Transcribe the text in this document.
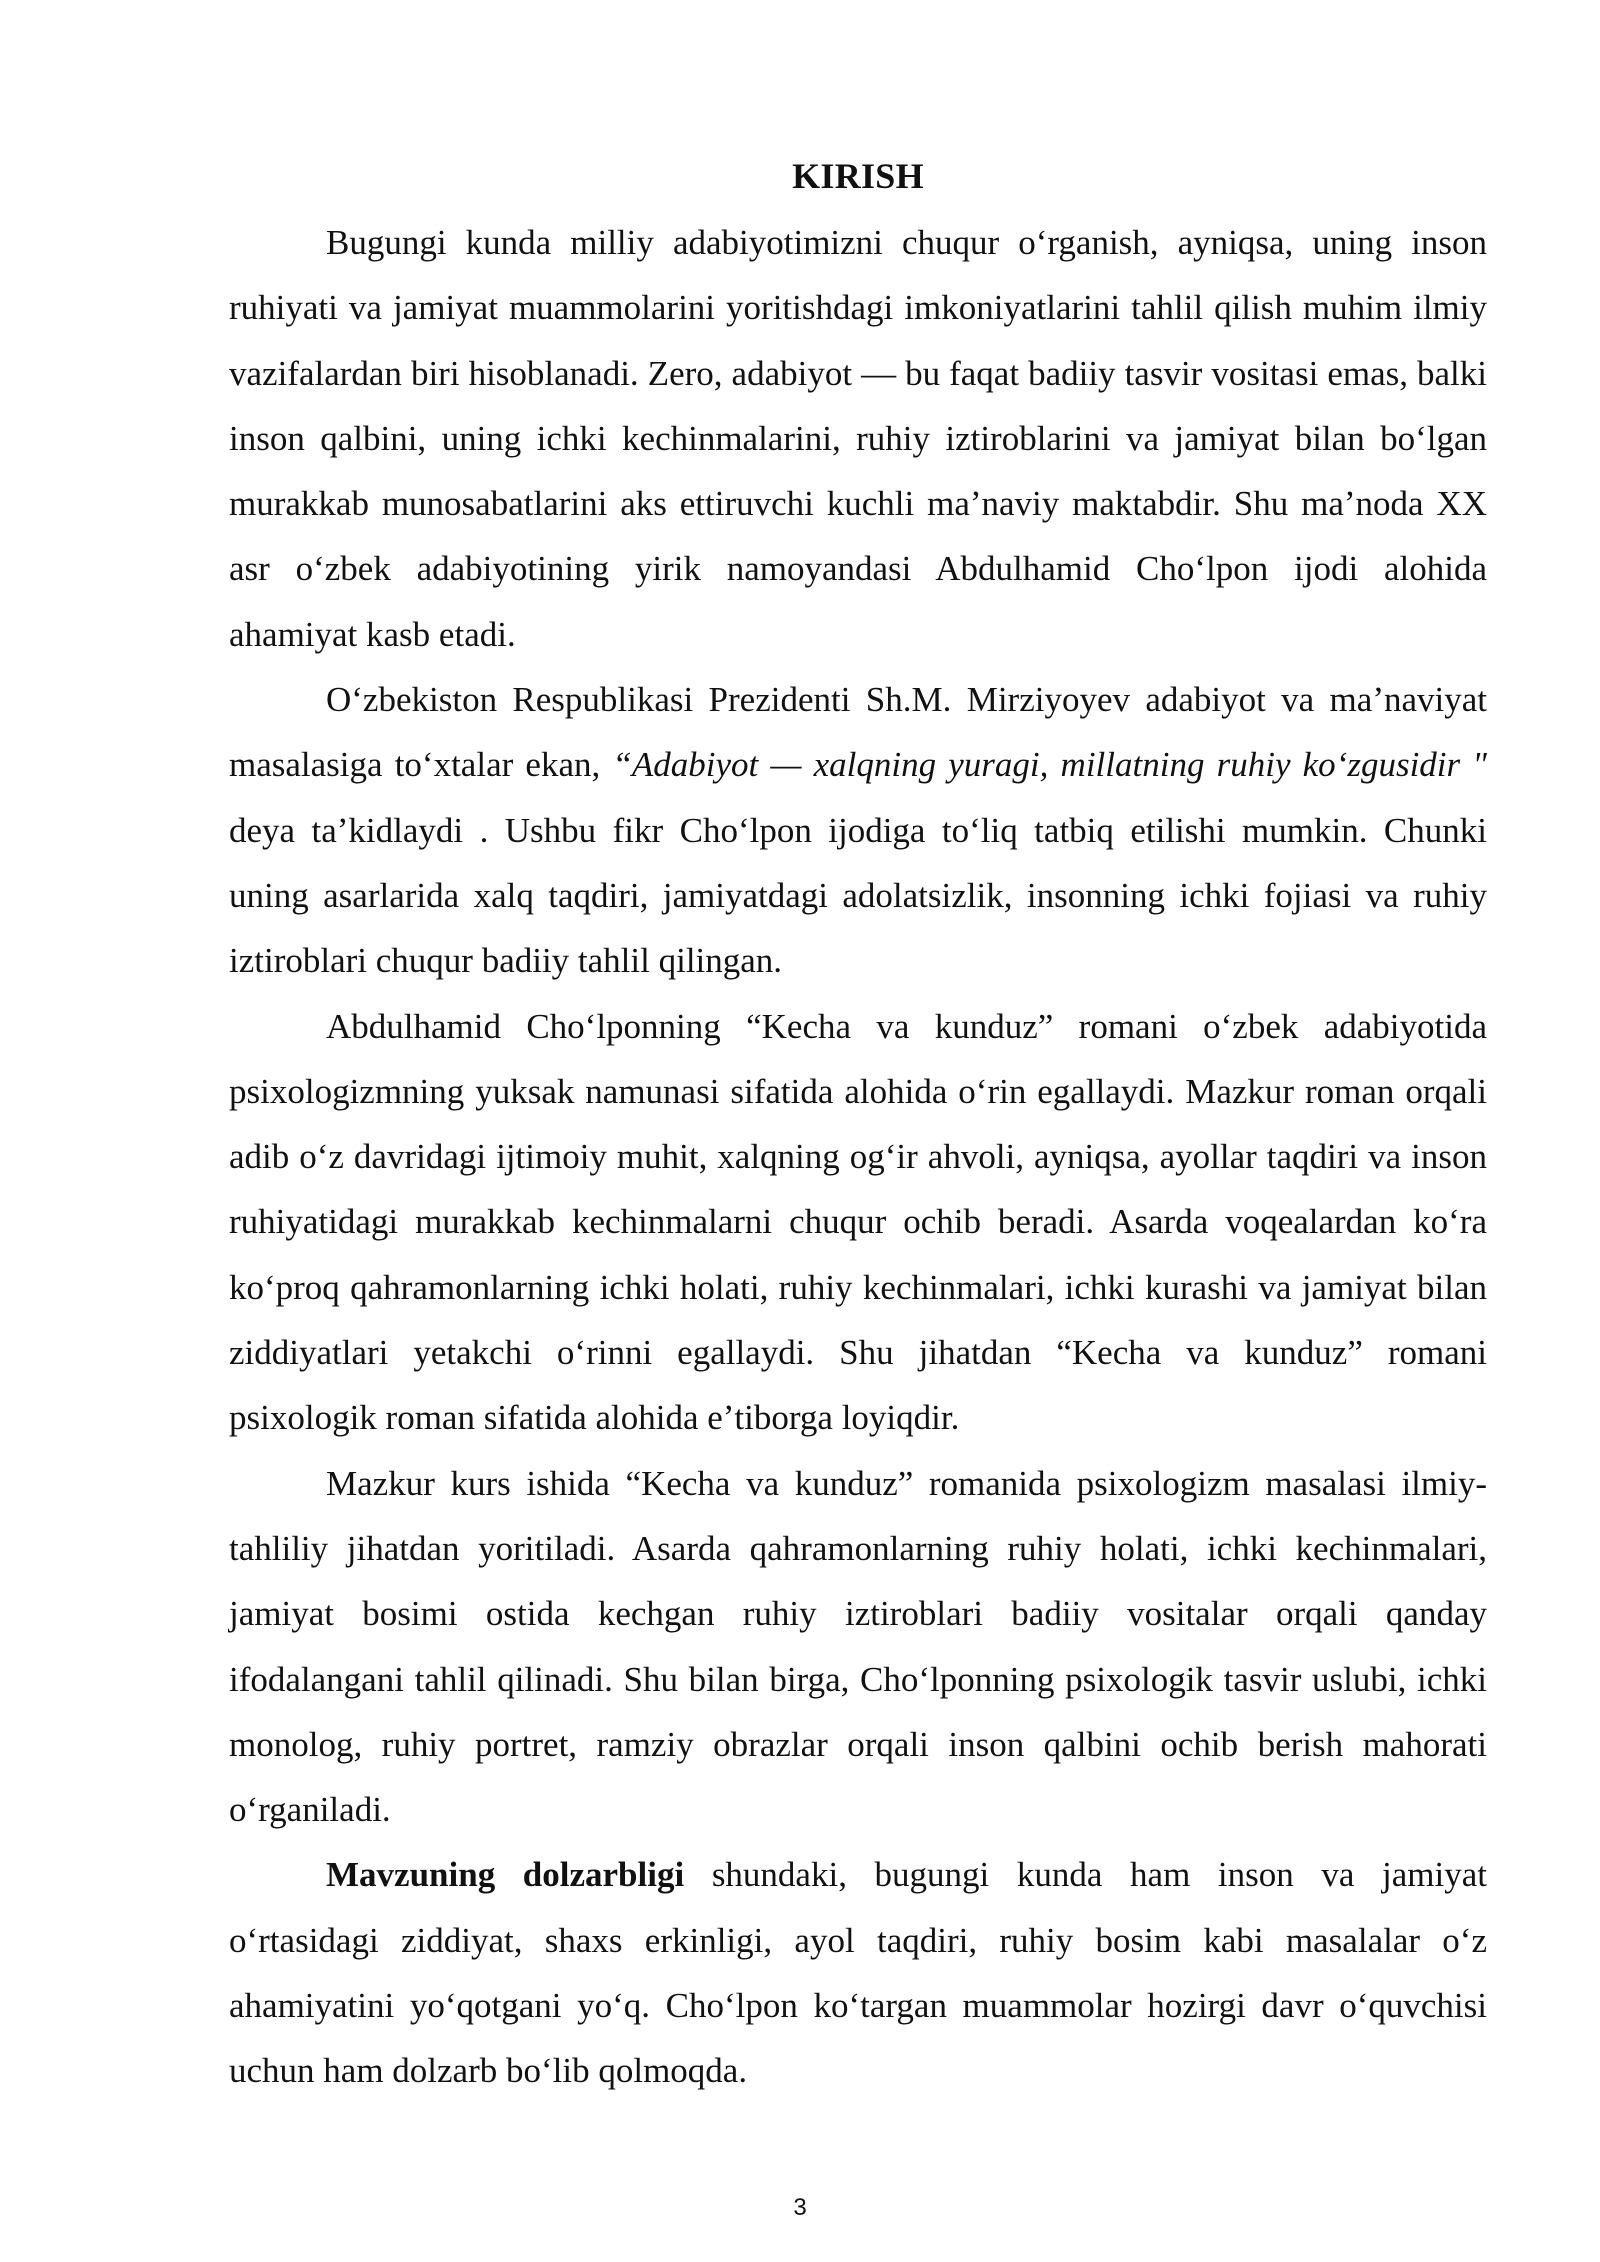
KIRISH

Bugungi kunda milliy adabiyotimizni chuqur oʻrganish, ayniqsa, uning inson ruhiyati va jamiyat muammolarini yoritishdagi imkoniyatlarini tahlil qilish muhim ilmiy vazifalardan biri hisoblanadi. Zero, adabiyot — bu faqat badiiy tasvir vositasi emas, balki inson qalbini, uning ichki kechinmalarini, ruhiy iztiroblarini va jamiyat bilan boʻlgan murakkab munosabatlarini aks ettiruvchi kuchli maʼnaviy maktabdir. Shu maʼnoda XX asr oʻzbek adabiyotining yirik namoyandasi Abdulhamid Choʻlpon ijodi alohida ahamiyat kasb etadi.

Oʻzbekiston Respublikasi Prezidenti Sh.M. Mirziyoyev adabiyot va maʼnaviyat masalasiga toʻxtalar ekan, “Adabiyot — xalqning yuragi, millatning ruhiy koʻzgusidir " deya taʼkidlaydi . Ushbu fikr Choʻlpon ijodiga toʻliq tatbiq etilishi mumkin. Chunki uning asarlarida xalq taqdiri, jamiyatdagi adolatsizlik, insonning ichki fojiasi va ruhiy iztiroblari chuqur badiiy tahlil qilingan.

Abdulhamid Choʻlponning “Kecha va kunduz” romani oʻzbek adabiyotida psixologizmning yuksak namunasi sifatida alohida oʻrin egallaydi. Mazkur roman orqali adib oʻz davridagi ijtimoiy muhit, xalqning ogʻir ahvoli, ayniqsa, ayollar taqdiri va inson ruhiyatidagi murakkab kechinmalarni chuqur ochib beradi. Asarda voqealardan koʻra koʻproq qahramonlarning ichki holati, ruhiy kechinmalari, ichki kurashi va jamiyat bilan ziddiyatlari yetakchi oʻrinni egallaydi. Shu jihatdan “Kecha va kunduz” romani psixologik roman sifatida alohida eʼtiborga loyiqdir.

Mazkur kurs ishida “Kecha va kunduz” romanida psixologizm masalasi ilmiy-tahliliy jihatdan yoritiladi. Asarda qahramonlarning ruhiy holati, ichki kechinmalari, jamiyat bosimi ostida kechgan ruhiy iztiroblari badiiy vositalar orqali qanday ifodalangani tahlil qilinadi. Shu bilan birga, Choʻlponning psixologik tasvir uslubi, ichki monolog, ruhiy portret, ramziy obrazlar orqali inson qalbini ochib berish mahorati oʻrganiladi.

Mavzuning dolzarbligi shundaki, bugungi kunda ham inson va jamiyat oʻrtasidagi ziddiyat, shaxs erkinligi, ayol taqdiri, ruhiy bosim kabi masalalar oʻz ahamiyatini yoʻqotgani yoʻq. Choʻlpon koʻtargan muammolar hozirgi davr oʻquvchisi uchun ham dolzarb boʻlib qolmoqda.

3
